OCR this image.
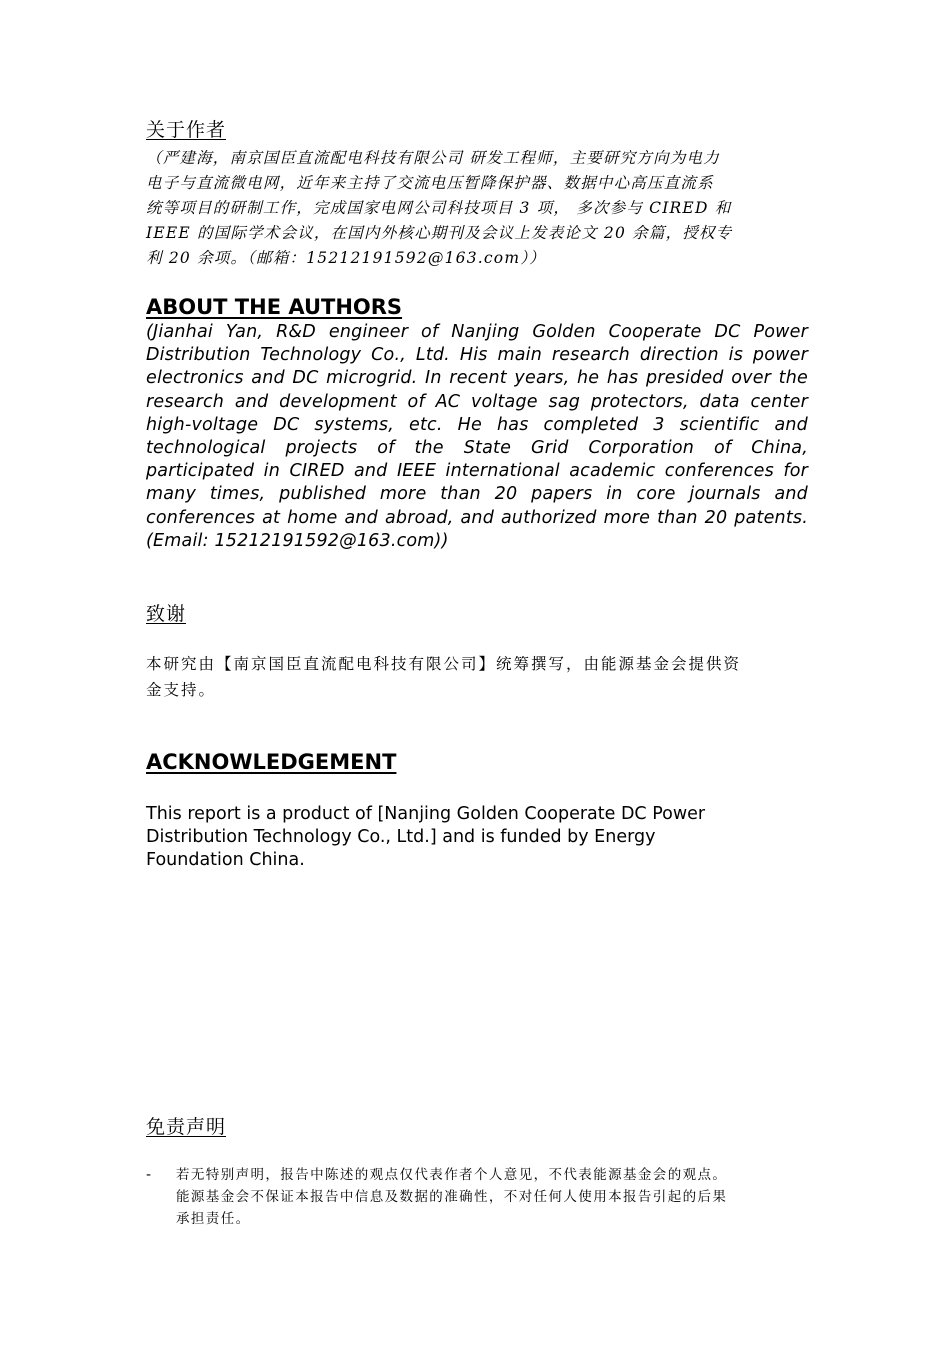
关于作者

（严建海，南京国臣直流配电科技有限公司 研发工程师，主要研究方向为电力

电子与直流微电网，近年来主持了交流电压暂降保护器、数据中心高压直流系

统等项目的研制工作，完成国家电网公司科技项目 3 项， 多次参与 CIRED 和

IEEE 的国际学术会议，在国内外核心期刊及会议上发表论文 20 余篇，授权专

利 20 余项。（邮箱：15212191592@163.com））

ABOUT THE AUTHORS

(Jianhai Yan, R&D engineer of Nanjing Golden Cooperate DC Power Distribution Technology Co., Ltd. His main research direction is power electronics and DC microgrid. In recent years, he has presided over the research and development of AC voltage sag protectors, data center high-voltage DC systems, etc. He has completed 3 scientific and technological projects of the State Grid Corporation of China, participated in CIRED and IEEE international academic conferences for many times, published more than 20 papers in core journals and conferences at home and abroad, and authorized more than 20 patents. (Email: 15212191592@163.com))

致谢

本研究由【南京国臣直流配电科技有限公司】统筹撰写，由能源基金会提供资

金支持。

ACKNOWLEDGEMENT

This report is a product of [Nanjing Golden Cooperate DC Power

Distribution Technology Co., Ltd.] and is funded by Energy

Foundation China.

免责声明
- 若无特别声明，报告中陈述的观点仅代表作者个人意见，不代表能源基金会的观点。

能源基金会不保证本报告中信息及数据的准确性，不对任何人使用本报告引起的后果

承担责任。
